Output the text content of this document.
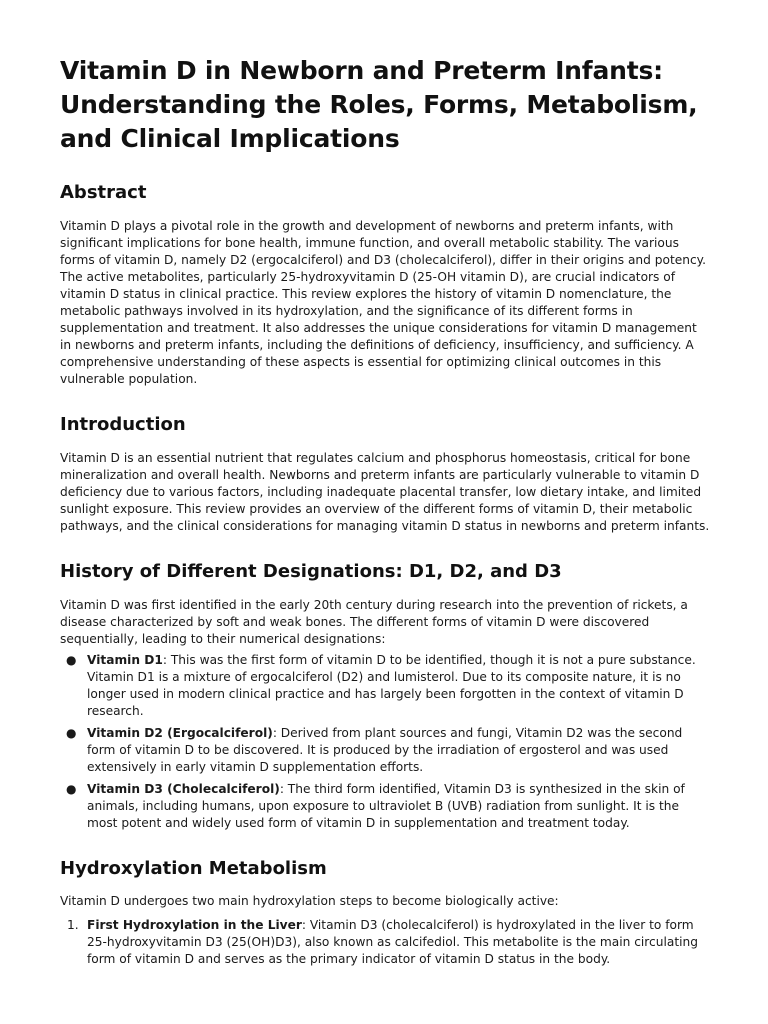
Vitamin D in Newborn and Preterm Infants: Understanding the Roles, Forms, Metabolism, and Clinical Implications
Abstract

Vitamin D plays a pivotal role in the growth and development of newborns and preterm infants, with significant implications for bone health, immune function, and overall metabolic stability. The various forms of vitamin D, namely D2 (ergocalciferol) and D3 (cholecalciferol), differ in their origins and potency. The active metabolites, particularly 25-hydroxyvitamin D (25-OH vitamin D), are crucial indicators of vitamin D status in clinical practice. This review explores the history of vitamin D nomenclature, the metabolic pathways involved in its hydroxylation, and the significance of its different forms in supplementation and treatment. It also addresses the unique considerations for vitamin D management in newborns and preterm infants, including the definitions of deficiency, insufficiency, and sufficiency. A comprehensive understanding of these aspects is essential for optimizing clinical outcomes in this vulnerable population.

Introduction

Vitamin D is an essential nutrient that regulates calcium and phosphorus homeostasis, critical for bone mineralization and overall health. Newborns and preterm infants are particularly vulnerable to vitamin D deficiency due to various factors, including inadequate placental transfer, low dietary intake, and limited sunlight exposure. This review provides an overview of the different forms of vitamin D, their metabolic pathways, and the clinical considerations for managing vitamin D status in newborns and preterm infants.

History of Different Designations: D1, D2, and D3

Vitamin D was first identified in the early 20th century during research into the prevention of rickets, a disease characterized by soft and weak bones. The different forms of vitamin D were discovered sequentially, leading to their numerical designations:

● Vitamin D1: This was the first form of vitamin D to be identified, though it is not a pure substance. Vitamin D1 is a mixture of ergocalciferol (D2) and lumisterol. Due to its composite nature, it is no longer used in modern clinical practice and has largely been forgotten in the context of vitamin D research.
● Vitamin D2 (Ergocalciferol): Derived from plant sources and fungi, Vitamin D2 was the second form of vitamin D to be discovered. It is produced by the irradiation of ergosterol and was used extensively in early vitamin D supplementation efforts.
● Vitamin D3 (Cholecalciferol): The third form identified, Vitamin D3 is synthesized in the skin of animals, including humans, upon exposure to ultraviolet B (UVB) radiation from sunlight. It is the most potent and widely used form of vitamin D in supplementation and treatment today.
Hydroxylation Metabolism

Vitamin D undergoes two main hydroxylation steps to become biologically active:

1. First Hydroxylation in the Liver: Vitamin D3 (cholecalciferol) is hydroxylated in the liver to form 25-hydroxyvitamin D3 (25(OH)D3), also known as calcifediol. This metabolite is the main circulating form of vitamin D and serves as the primary indicator of vitamin D status in the body.
